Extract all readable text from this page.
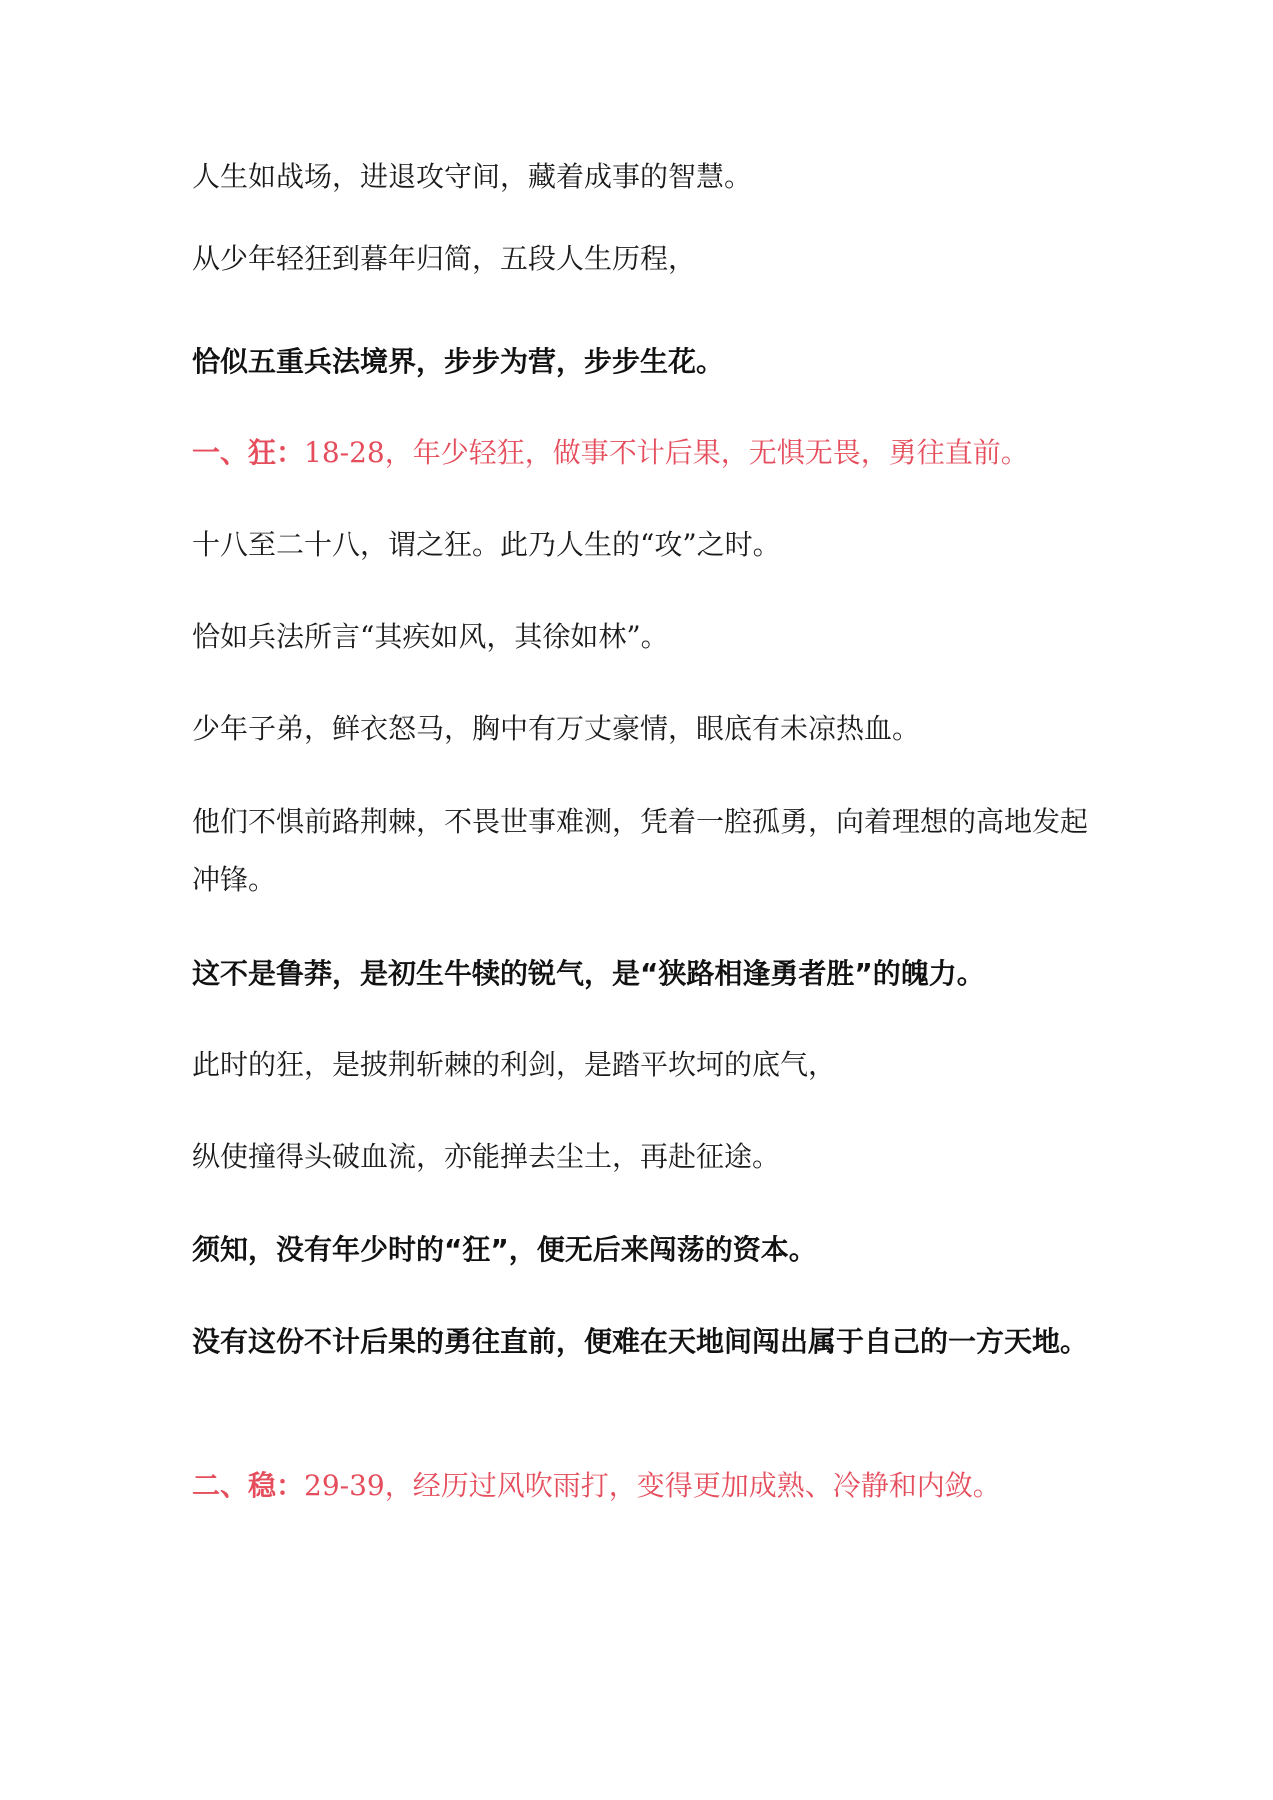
人生如战场，进退攻守间，藏着成事的智慧。

从少年轻狂到暮年归简，五段人生历程，

恰似五重兵法境界，步步为营，步步生花。

一、狂：18-28，年少轻狂，做事不计后果，无惧无畏，勇往直前。

十八至二十八，谓之狂。此乃人生的“攻”之时。

恰如兵法所言“其疾如风，其徐如林”。

少年子弟，鲜衣怒马，胸中有万丈豪情，眼底有未凉热血。

他们不惧前路荆棘，不畏世事难测，凭着一腔孤勇，向着理想的高地发起冲锋。

这不是鲁莽，是初生牛犊的锐气，是“狭路相逢勇者胜”的魄力。

此时的狂，是披荆斩棘的利剑，是踏平坎坷的底气，

纵使撞得头破血流，亦能掸去尘土，再赴征途。

须知，没有年少时的“狂”，便无后来闯荡的资本。

没有这份不计后果的勇往直前，便难在天地间闯出属于自己的一方天地。

二、稳：29-39，经历过风吹雨打，变得更加成熟、冷静和内敛。
